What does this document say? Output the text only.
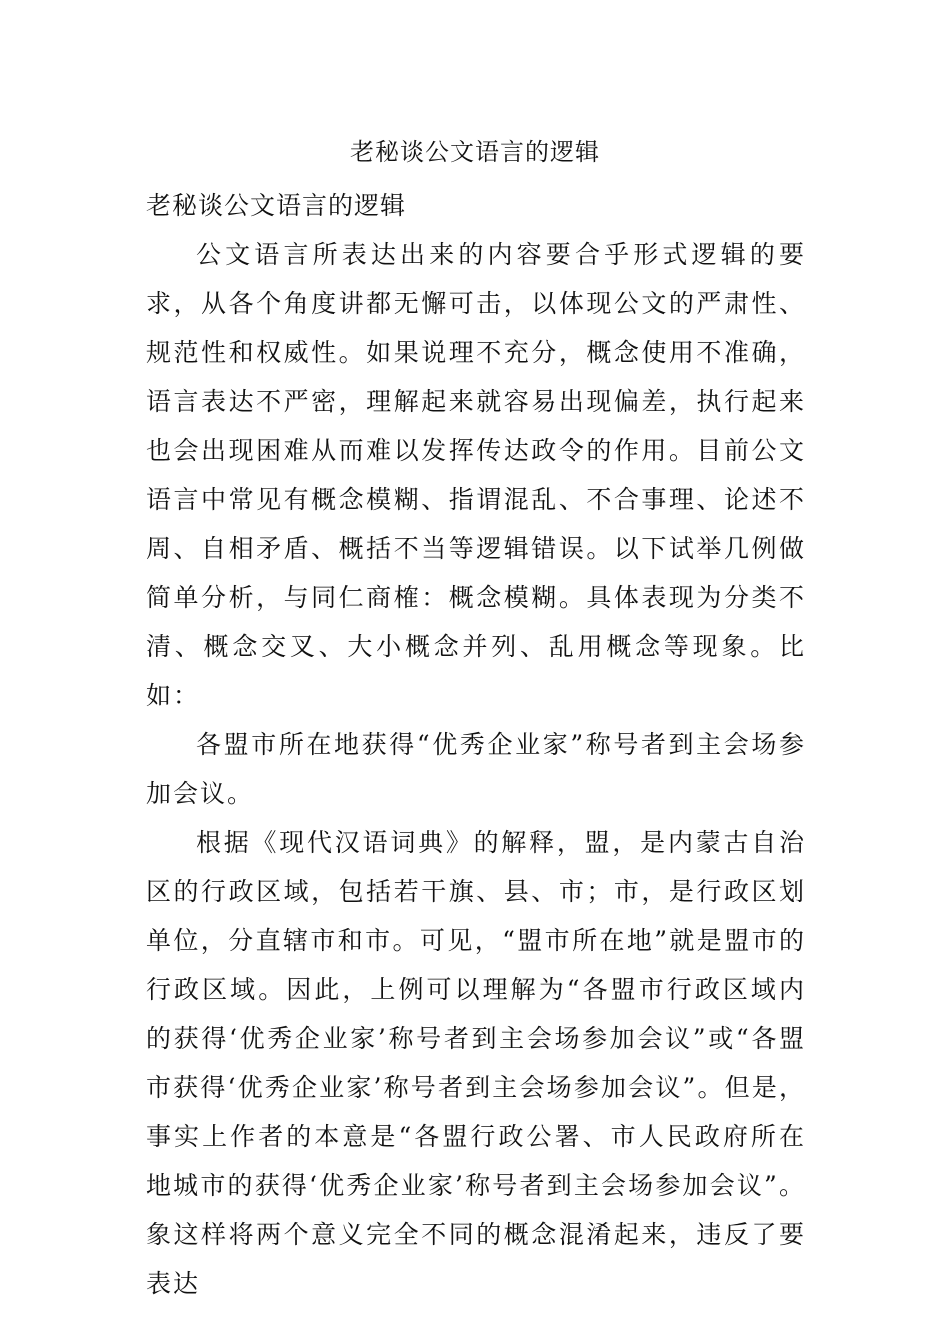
老秘谈公文语言的逻辑

老秘谈公文语言的逻辑

公文语言所表达出来的内容要合乎形式逻辑的要求，从各个角度讲都无懈可击，以体现公文的严肃性、规范性和权威性。如果说理不充分，概念使用不准确，语言表达不严密，理解起来就容易出现偏差，执行起来也会出现困难从而难以发挥传达政令的作用。目前公文语言中常见有概念模糊、指谓混乱、不合事理、论述不周、自相矛盾、概括不当等逻辑错误。以下试举几例做简单分析，与同仁商榷：概念模糊。具体表现为分类不清、概念交叉、大小概念并列、乱用概念等现象。比如：

各盟市所在地获得“优秀企业家”称号者到主会场参加会议。

根据《现代汉语词典》的解释，盟，是内蒙古自治区的行政区域，包括若干旗、县、市；市，是行政区划单位，分直辖市和市。可见，“盟市所在地”就是盟市的行政区域。因此，上例可以理解为“各盟市行政区域内的获得‘优秀企业家’称号者到主会场参加会议”或“各盟市获得‘优秀企业家’称号者到主会场参加会议”。但是，事实上作者的本意是“各盟行政公署、市人民政府所在地城市的获得‘优秀企业家’称号者到主会场参加会议”。象这样将两个意义完全不同的概念混淆起来，违反了要表达
